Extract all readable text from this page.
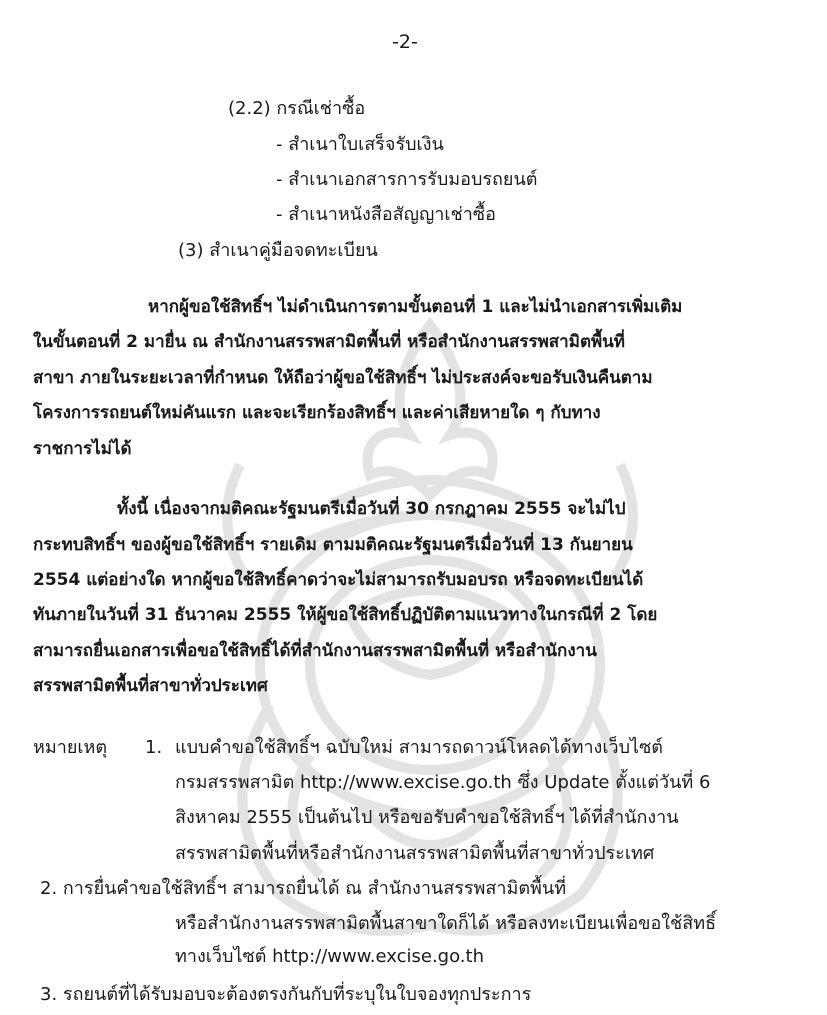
-2-
(2.2) กรณีเช่าซื้อ
- สำเนาใบเสร็จรับเงิน
- สำเนาเอกสารการรับมอบรถยนต์
- สำเนาหนังสือสัญญาเช่าซื้อ
(3) สำเนาคู่มือจดทะเบียน
หากผู้ขอใช้สิทธิ์ฯ ไม่ดำเนินการตามขั้นตอนที่ 1 และไม่นำเอกสารเพิ่มเติม
ในขั้นตอนที่ 2 มายื่น ณ สำนักงานสรรพสามิตพื้นที่ หรือสำนักงานสรรพสามิตพื้นที่
สาขา ภายในระยะเวลาที่กำหนด ให้ถือว่าผู้ขอใช้สิทธิ์ฯ ไม่ประสงค์จะขอรับเงินคืนตาม
โครงการรถยนต์ใหม่คันแรก และจะเรียกร้องสิทธิ์ฯ และค่าเสียหายใด ๆ กับทาง
ราชการไม่ได้
ทั้งนี้ เนื่องจากมติคณะรัฐมนตรีเมื่อวันที่ 30 กรกฎาคม 2555 จะไม่ไป
กระทบสิทธิ์ฯ ของผู้ขอใช้สิทธิ์ฯ รายเดิม ตามมติคณะรัฐมนตรีเมื่อวันที่ 13 กันยายน
2554 แต่อย่างใด หากผู้ขอใช้สิทธิ์คาดว่าจะไม่สามารถรับมอบรถ หรือจดทะเบียนได้
ทันภายในวันที่ 31 ธันวาคม 2555 ให้ผู้ขอใช้สิทธิ์ปฏิบัติตามแนวทางในกรณีที่ 2 โดย
สามารถยื่นเอกสารเพื่อขอใช้สิทธิ์ได้ที่สำนักงานสรรพสามิตพื้นที่ หรือสำนักงาน
สรรพสามิตพื้นที่สาขาทั่วประเทศ
หมายเหตุ 1. แบบคำขอใช้สิทธิ์ฯ ฉบับใหม่ สามารถดาวน์โหลดได้ทางเว็บไซต์
กรมสรรพสามิต http://www.excise.go.th ซึ่ง Update ตั้งแต่วันที่ 6
สิงหาคม 2555 เป็นต้นไป หรือขอรับคำขอใช้สิทธิ์ฯ ได้ที่สำนักงาน
สรรพสามิตพื้นที่หรือสำนักงานสรรพสามิตพื้นที่สาขาทั่วประเทศ
2. การยื่นคำขอใช้สิทธิ์ฯ สามารถยื่นได้ ณ สำนักงานสรรพสามิตพื้นที่
หรือสำนักงานสรรพสามิตพื้นสาขาใดก็ได้ หรือลงทะเบียนเพื่อขอใช้สิทธิ์
ทางเว็บไซต์ http://www.excise.go.th
3. รถยนต์ที่ได้รับมอบจะต้องตรงกันกับที่ระบุในใบจองทุกประการ
